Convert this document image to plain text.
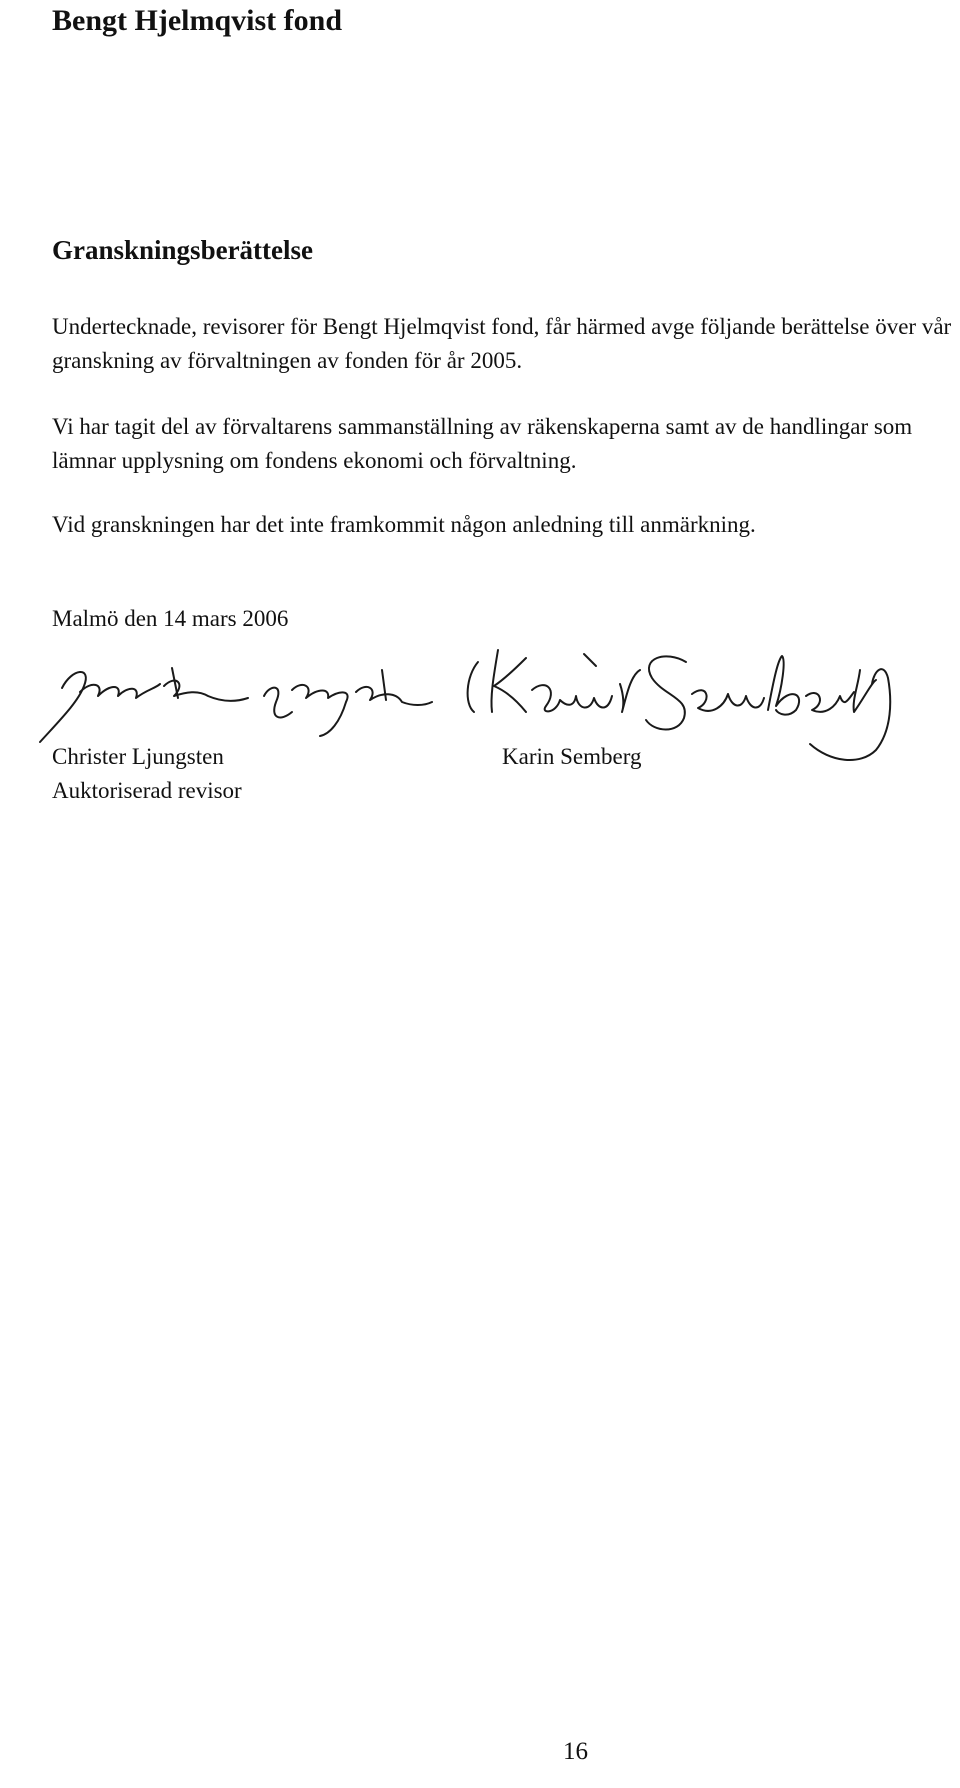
Bengt Hjelmqvist fond
Granskningsberättelse

Undertecknade, revisorer för Bengt Hjelmqvist fond, får härmed avge följande berättelse över vår granskning av förvaltningen av fonden för år 2005.

Vi har tagit del av förvaltarens sammanställning av räkenskaperna samt av de handlingar som lämnar upplysning om fondens ekonomi och förvaltning.

Vid granskningen har det inte framkommit någon anledning till anmärkning.

Malmö den 14 mars 2006

Christer Ljungsten
Auktoriserad revisor
Karin Semberg
16
